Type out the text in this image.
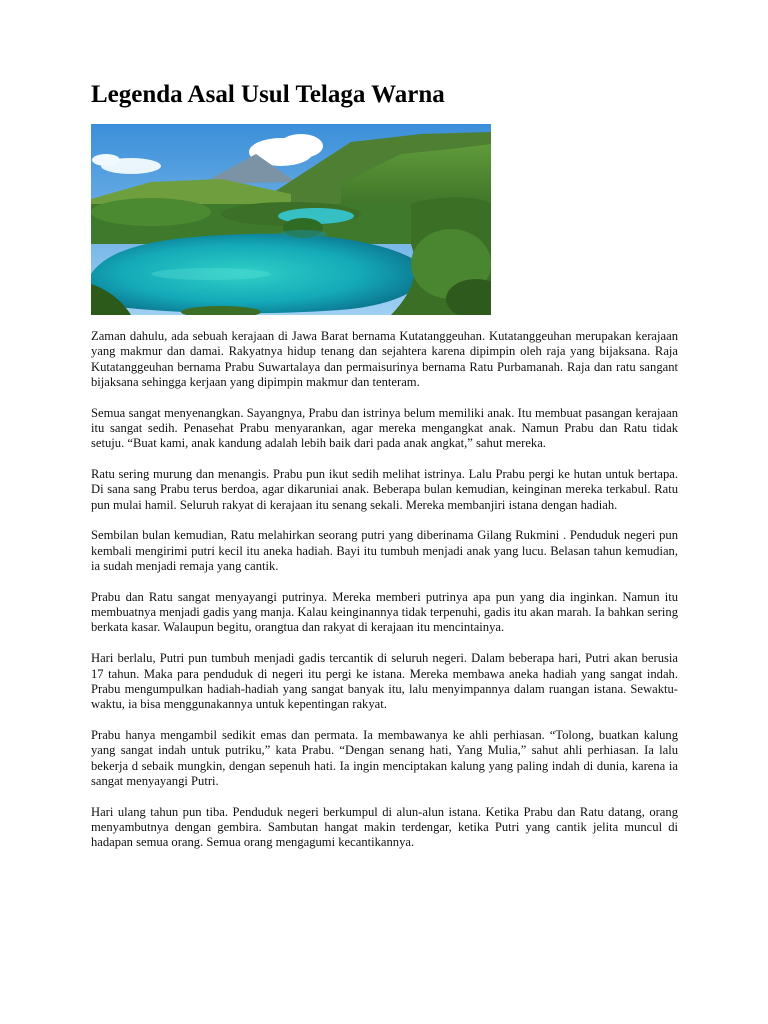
Legenda Asal Usul Telaga Warna

Zaman dahulu, ada sebuah kerajaan di Jawa Barat bernama Kutatanggeuhan. Kutatanggeuhan merupakan kerajaan yang makmur dan damai. Rakyatnya hidup tenang dan sejahtera karena dipimpin oleh raja yang bijaksana. Raja Kutatanggeuhan bernama Prabu Suwartalaya dan permaisurinya bernama Ratu Purbamanah. Raja dan ratu sangant bijaksana sehingga kerjaan yang dipimpin makmur dan tenteram.

Semua sangat menyenangkan. Sayangnya, Prabu dan istrinya belum memiliki anak. Itu membuat pasangan kerajaan itu sangat sedih. Penasehat Prabu menyarankan, agar mereka mengangkat anak. Namun Prabu dan Ratu tidak setuju. “Buat kami, anak kandung adalah lebih baik dari pada anak angkat,” sahut mereka.

Ratu sering murung dan menangis. Prabu pun ikut sedih melihat istrinya. Lalu Prabu pergi ke hutan untuk bertapa. Di sana sang Prabu terus berdoa, agar dikaruniai anak. Beberapa bulan kemudian, keinginan mereka terkabul. Ratu pun mulai hamil. Seluruh rakyat di kerajaan itu senang sekali. Mereka membanjiri istana dengan hadiah.

Sembilan bulan kemudian, Ratu melahirkan seorang putri yang diberinama Gilang Rukmini . Penduduk negeri pun kembali mengirimi putri kecil itu aneka hadiah. Bayi itu tumbuh menjadi anak yang lucu. Belasan tahun kemudian, ia sudah menjadi remaja yang cantik.

Prabu dan Ratu sangat menyayangi putrinya. Mereka memberi putrinya apa pun yang dia inginkan. Namun itu membuatnya menjadi gadis yang manja. Kalau keinginannya tidak terpenuhi, gadis itu akan marah. Ia bahkan sering berkata kasar. Walaupun begitu, orangtua dan rakyat di kerajaan itu mencintainya.

Hari berlalu, Putri pun tumbuh menjadi gadis tercantik di seluruh negeri. Dalam beberapa hari, Putri akan berusia 17 tahun. Maka para penduduk di negeri itu pergi ke istana. Mereka membawa aneka hadiah yang sangat indah. Prabu mengumpulkan hadiah-hadiah yang sangat banyak itu, lalu menyimpannya dalam ruangan istana. Sewaktu-waktu, ia bisa menggunakannya untuk kepentingan rakyat.

Prabu hanya mengambil sedikit emas dan permata. Ia membawanya ke ahli perhiasan. “Tolong, buatkan kalung yang sangat indah untuk putriku,” kata Prabu. “Dengan senang hati, Yang Mulia,” sahut ahli perhiasan. Ia lalu bekerja d sebaik mungkin, dengan sepenuh hati. Ia ingin menciptakan kalung yang paling indah di dunia, karena ia sangat menyayangi Putri.

Hari ulang tahun pun tiba. Penduduk negeri berkumpul di alun-alun istana. Ketika Prabu dan Ratu datang, orang menyambutnya dengan gembira. Sambutan hangat makin terdengar, ketika Putri yang cantik jelita muncul di hadapan semua orang. Semua orang mengagumi kecantikannya.
